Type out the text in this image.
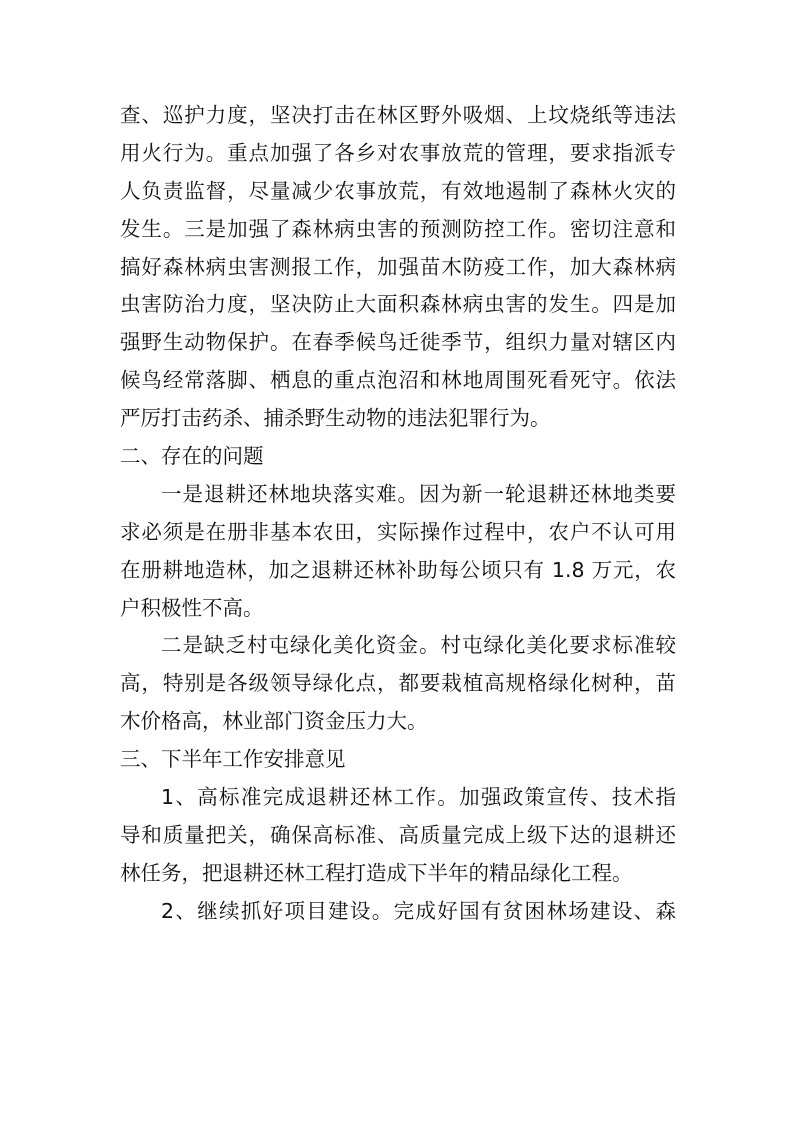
查、巡护力度，坚决打击在林区野外吸烟、上坟烧纸等违法
用火行为。重点加强了各乡对农事放荒的管理，要求指派专
人负责监督，尽量减少农事放荒，有效地遏制了森林火灾的
发生。三是加强了森林病虫害的预测防控工作。密切注意和
搞好森林病虫害测报工作，加强苗木防疫工作，加大森林病
虫害防治力度，坚决防止大面积森林病虫害的发生。四是加
强野生动物保护。在春季候鸟迁徙季节，组织力量对辖区内
候鸟经常落脚、栖息的重点泡沼和林地周围死看死守。依法
严厉打击药杀、捕杀野生动物的违法犯罪行为。
二、存在的问题
一是退耕还林地块落实难。因为新一轮退耕还林地类要
求必须是在册非基本农田，实际操作过程中，农户不认可用
在册耕地造林，加之退耕还林补助每公顷只有 1.8 万元，农
户积极性不高。
二是缺乏村屯绿化美化资金。村屯绿化美化要求标准较
高，特别是各级领导绿化点，都要栽植高规格绿化树种，苗
木价格高，林业部门资金压力大。
三、下半年工作安排意见
1、高标准完成退耕还林工作。加强政策宣传、技术指
导和质量把关，确保高标准、高质量完成上级下达的退耕还
林任务，把退耕还林工程打造成下半年的精品绿化工程。
2、继续抓好项目建设。完成好国有贫困林场建设、森
